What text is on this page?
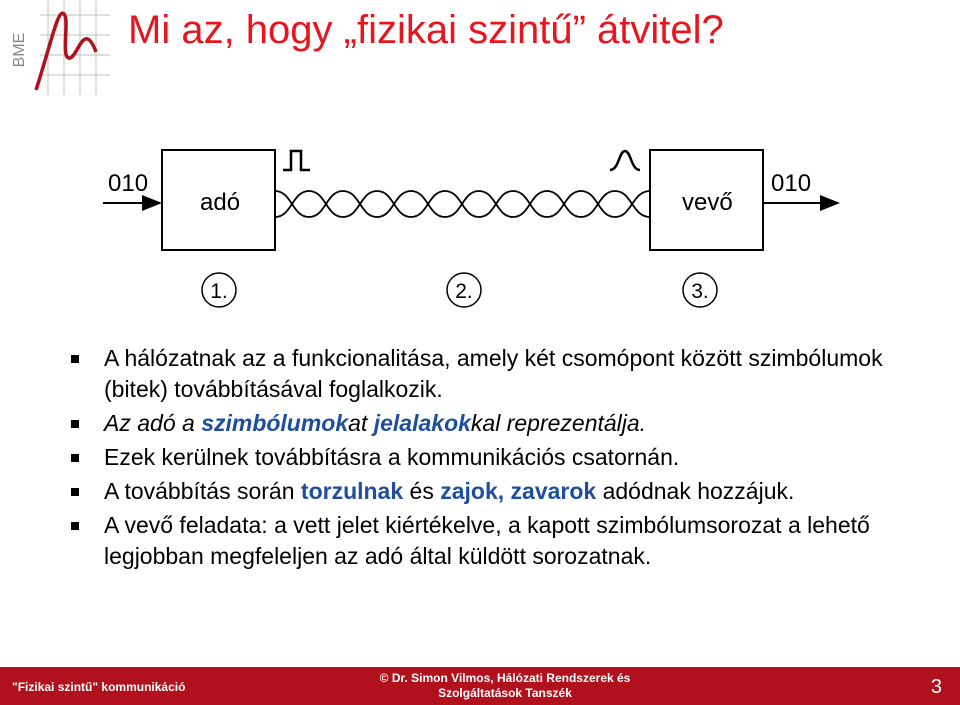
BME	Mi az, hogy „fizikai szintű” átvitel?
010
adó	vevő
010
1.	2.	3.
A hálózatnak az a funkcionalitása, amely két csomópont között szimbólumok (bitek) továbbításával foglalkozik.
Az adó a szimbólumokat jelalakokkal reprezentálja.
Ezek kerülnek továbbításra a kommunikációs csatornán.
A továbbítás során torzulnak és zajok, zavarok adódnak hozzájuk.
A vevő feladata: a vett jelet kiértékelve, a kapott szimbólumsorozat a lehető legjobban megfeleljen az adó által küldött sorozatnak.
"Fizikai szintű" kommunikáció
© Dr. Simon Vilmos, Hálózati Rendszerek és
Szolgáltatások Tanszék	3
